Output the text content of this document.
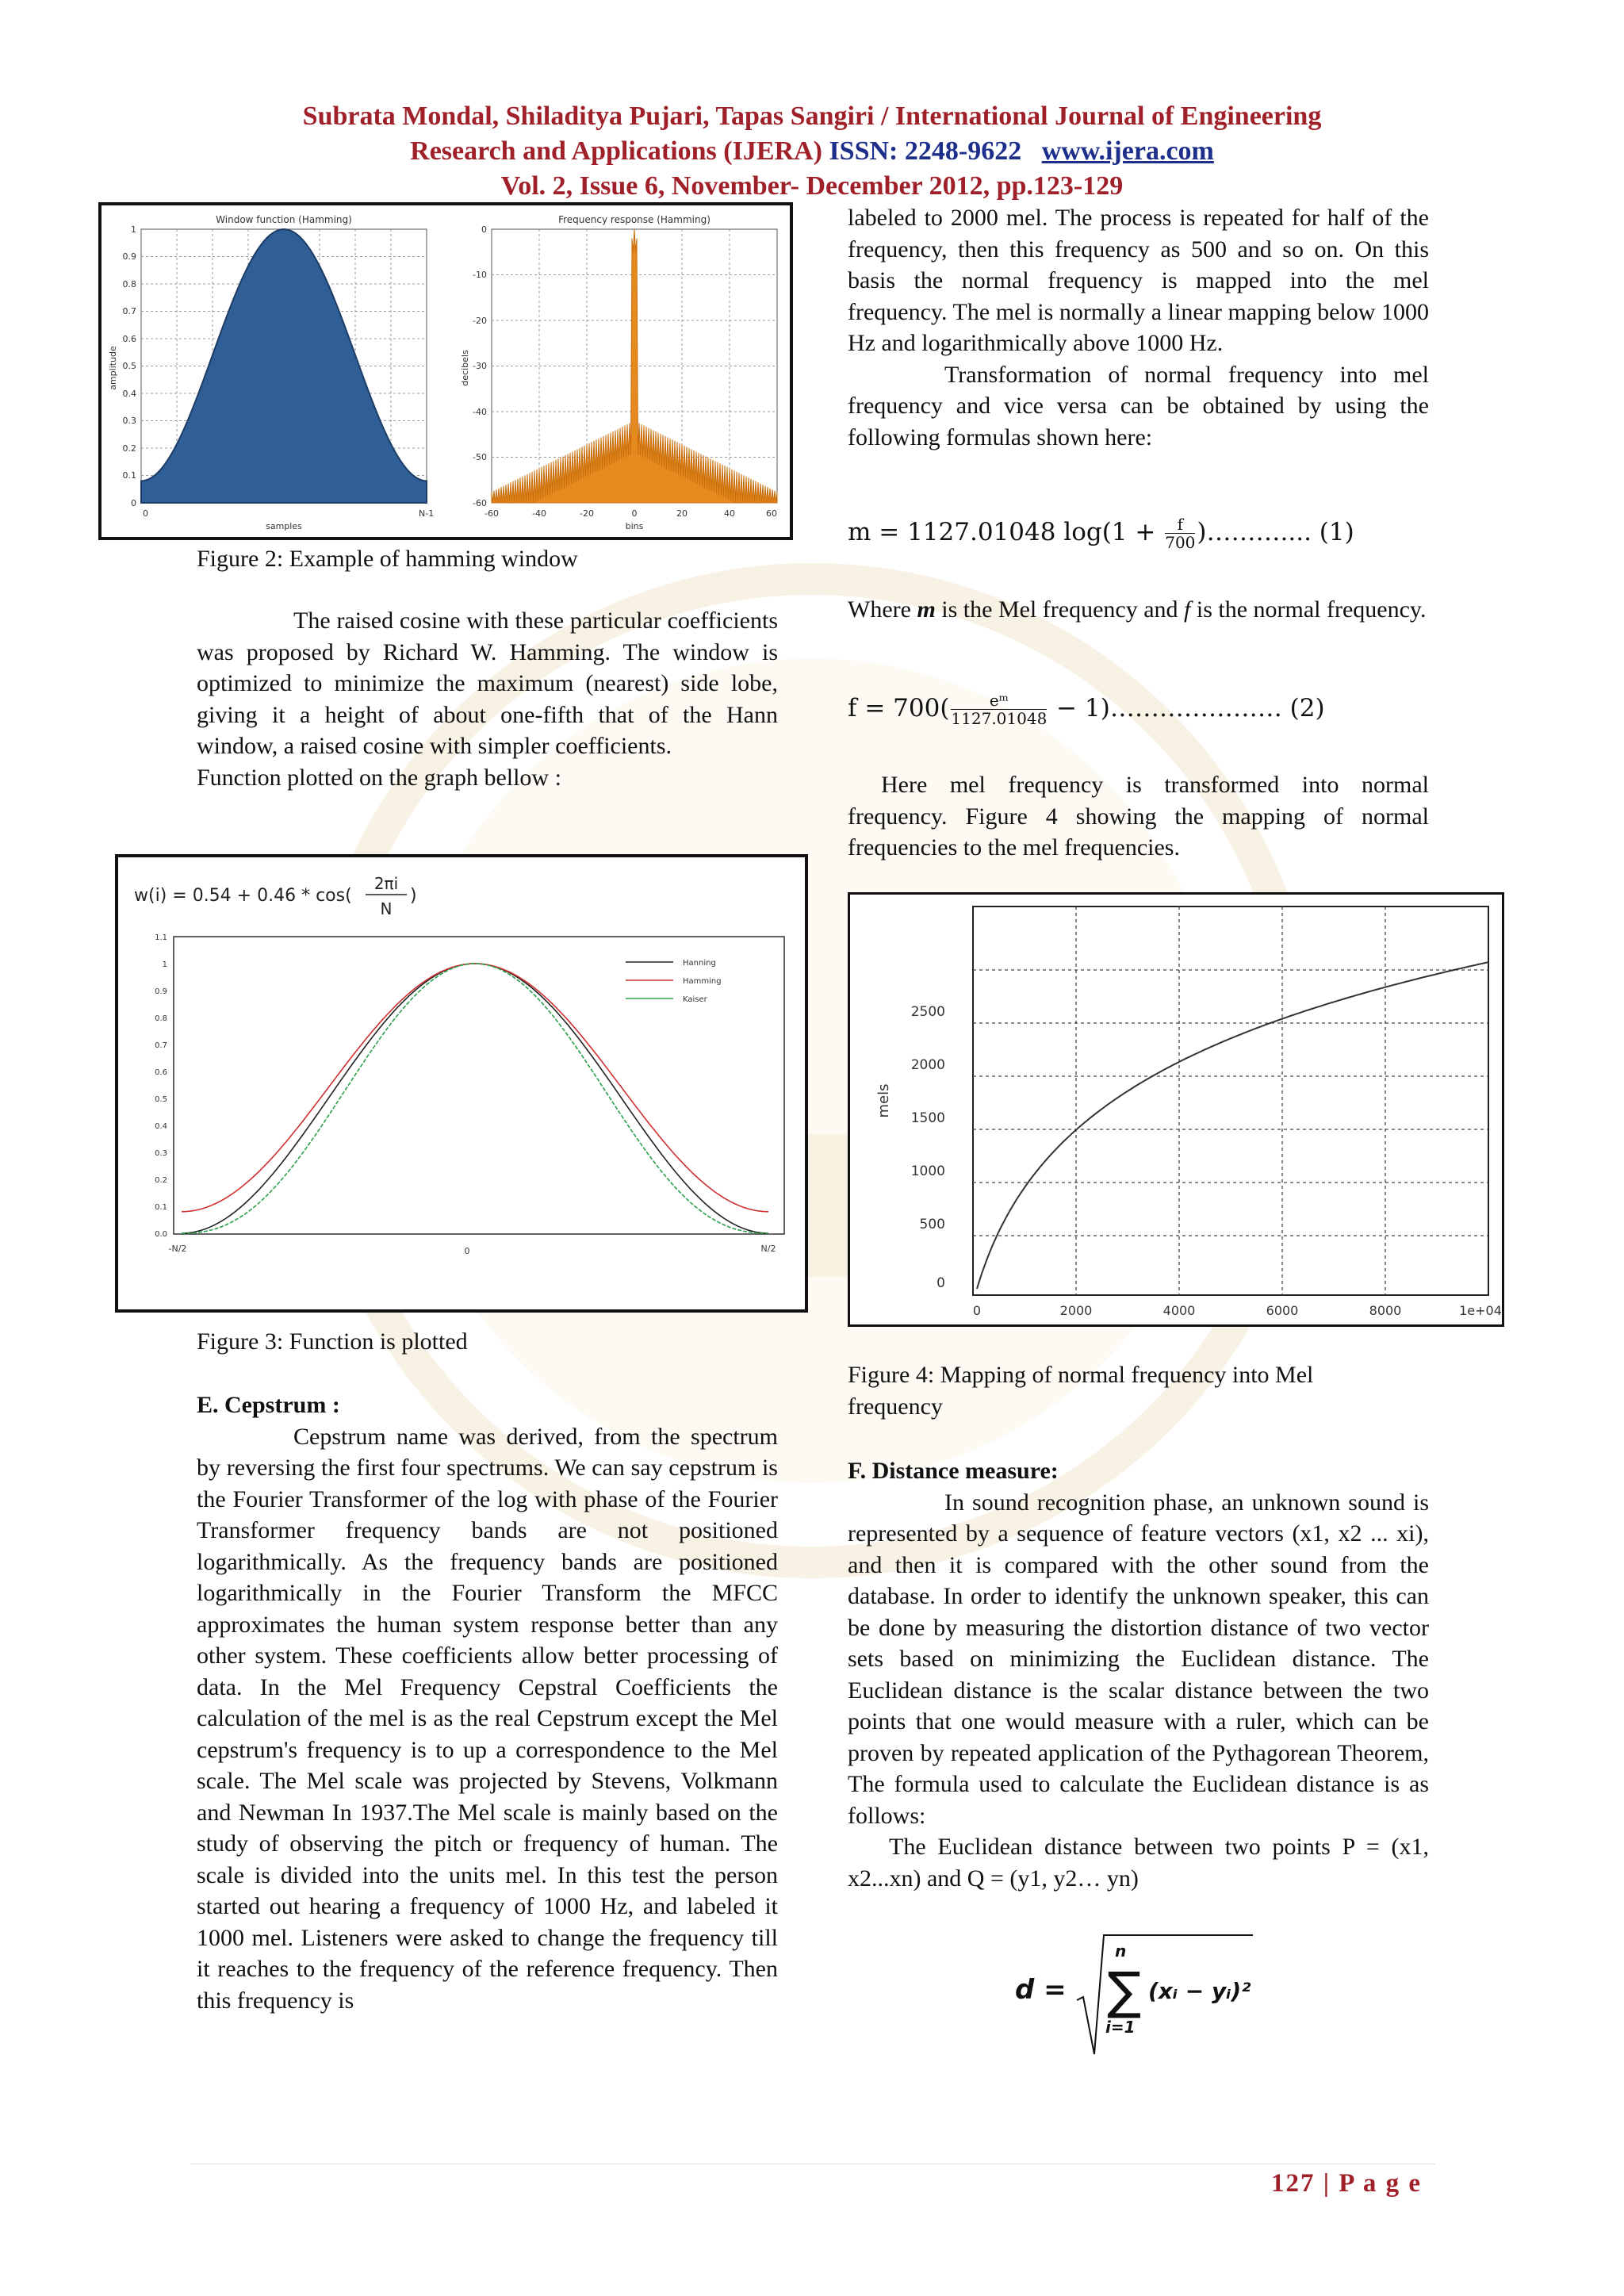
Subrata Mondal, Shiladitya Pujari, Tapas Sangiri / International Journal of Engineering
Research and Applications (IJERA) ISSN: 2248-9622 www.ijera.com
Vol. 2, Issue 6, November- December 2012, pp.123-129
Window function (Hamming)
1
0.9
0.8
0.7
0.6
0.5
0.4
0.3
0.2
0.1
0
0	N-1
samples
amplitude
Frequency response (Hamming)
0
-10
-20
-30
-40
-50
-60
-60	-40	-20	0	20	40	60
bins
decibels
Figure 2: Example of hamming window

The raised cosine with these particular coefficients was proposed by Richard W. Hamming. The window is optimized to minimize the maximum (nearest) side lobe, giving it a height of about one-fifth that of the Hann window, a raised cosine with simpler coefficients.

Function plotted on the graph bellow :

w(i) = 0.54 + 0.46 * cos(
2πi
N
)
1.1
1
0.9
0.8
0.7
0.6
0.5
0.4
0.3
0.2
0.1
0.0
Hanning
Hamming
Kaiser
-N/2	0	N/2
Figure 3: Function is plotted

E. Cepstrum :

Cepstrum name was derived, from the spectrum by reversing the first four spectrums. We can say cepstrum is the Fourier Transformer of the log with phase of the Fourier Transformer frequency bands are not positioned logarithmically. As the frequency bands are positioned logarithmically in the Fourier Transform the MFCC approximates the human system response better than any other system. These coefficients allow better processing of data. In the Mel Frequency Cepstral Coefficients the calculation of the mel is as the real Cepstrum except the Mel cepstrum's frequency is to up a correspondence to the Mel scale. The Mel scale was projected by Stevens, Volkmann and Newman In 1937.The Mel scale is mainly based on the study of observing the pitch or frequency of human. The scale is divided into the units mel. In this test the person started out hearing a frequency of 1000 Hz, and labeled it 1000 mel. Listeners were asked to change the frequency till it reaches to the frequency of the reference frequency. Then this frequency is

labeled to 2000 mel. The process is repeated for half of the frequency, then this frequency as 500 and so on. On this basis the normal frequency is mapped into the mel frequency. The mel is normally a linear mapping below 1000 Hz and logarithmically above 1000 Hz.

Transformation of normal frequency into mel frequency and vice versa can be obtained by using the following formulas shown here:

m = 1127.01048 $\log(1 + \frac{f}{700}$ )……….... (1)

Where m is the Mel frequency and f is the normal frequency.

$f = 700( \frac{\text{eᵐ}}{1127.01048}$ − 1)………………… (2)

Here mel frequency is transformed into normal frequency. Figure 4 showing the mapping of normal frequencies to the mel frequencies.

2500
2000
1500
1000
500
0
mels
0	2000	4000	6000	8000	1e+04

Figure 4: Mapping of normal frequency into Mel

frequency

F. Distance measure:

In sound recognition phase, an unknown sound is represented by a sequence of feature vectors (x1, x2 ... xi), and then it is compared with the other sound from the database. In order to identify the unknown speaker, this can be done by measuring the distortion distance of two vector sets based on minimizing the Euclidean distance. The Euclidean distance is the scalar distance between the two points that one would measure with a ruler, which can be proven by repeated application of the Pythagorean Theorem, The formula used to calculate the Euclidean distance is as follows:

The Euclidean distance between two points P = (x1, x2...xn) and Q = (y1, y2… yn)

d =
n
∑
i=1
(xᵢ − yᵢ)²
127 | P a g e
